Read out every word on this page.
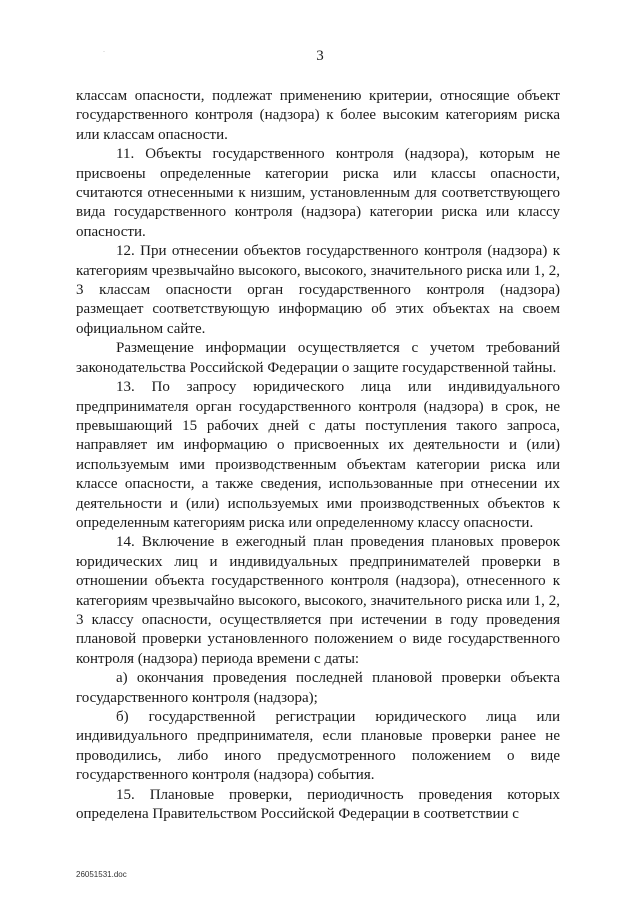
·	3

классам опасности, подлежат применению критерии, относящие объект государственного контроля (надзора) к более высоким категориям риска или классам опасности.

11. Объекты государственного контроля (надзора), которым не присвоены определенные категории риска или классы опасности, считаются отнесенными к низшим, установленным для соответствующего вида государственного контроля (надзора) категории риска или классу опасности.

12. При отнесении объектов государственного контроля (надзора) к категориям чрезвычайно высокого, высокого, значительного риска или 1, 2, 3 классам опасности орган государственного контроля (надзора) размещает соответствующую информацию об этих объектах на своем официальном сайте.

Размещение информации осуществляется с учетом требований законодательства Российской Федерации о защите государственной тайны.

13. По запросу юридического лица или индивидуального предпринимателя орган государственного контроля (надзора) в срок, не превышающий 15 рабочих дней с даты поступления такого запроса, направляет им информацию о присвоенных их деятельности и (или) используемым ими производственным объектам категории риска или классе опасности, а также сведения, использованные при отнесении их деятельности и (или) используемых ими производственных объектов к определенным категориям риска или определенному классу опасности.

14. Включение в ежегодный план проведения плановых проверок юридических лиц и индивидуальных предпринимателей проверки в отношении объекта государственного контроля (надзора), отнесенного к категориям чрезвычайно высокого, высокого, значительного риска или 1, 2, 3 классу опасности, осуществляется при истечении в году проведения плановой проверки установленного положением о виде государственного контроля (надзора) периода времени с даты:

а) окончания проведения последней плановой проверки объекта государственного контроля (надзора);

б) государственной регистрации юридического лица или индивидуального предпринимателя, если плановые проверки ранее не проводились, либо иного предусмотренного положением о виде государственного контроля (надзора) события.

15. Плановые проверки, периодичность проведения которых определена Правительством Российской Федерации в соответствии с

26051531.doc
